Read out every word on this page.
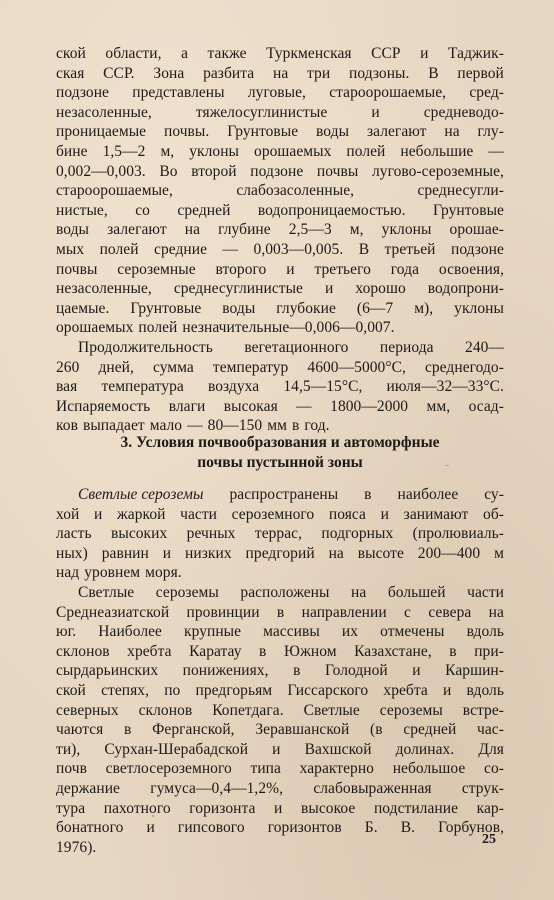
ской области, а также Туркменская ССР и Таджик-
ская ССР. Зона разбита на три подзоны. В первой
подзоне представлены луговые, староорошаемые, сред-
незасоленные,	тяжелосуглинистые	и	средневодо-
проницаемые почвы. Грунтовые воды залегают на глу-
бине 1,5—2 м, уклоны орошаемых полей небольшие —
0,002—0,003. Во второй подзоне почвы лугово-сероземные,
староорошаемые,	слабозасоленные,	среднесугли-
нистые, со средней водопроницаемостью. Грунтовые
воды залегают на глубине 2,5—3 м, уклоны орошае-
мых полей средние — 0,003—0,005. В третьей подзоне
почвы сероземные второго и третьего года освоения,
незасоленные, среднесуглинистые и хорошо водопрони-
цаемые. Грунтовые воды глубокие (6—7 м), уклоны
орошаемых полей незначительные—0,006—0,007.
Продолжительность вегетационного периода 240—
260 дней, сумма температур 4600—5000°С, среднегодо-
вая температура воздуха 14,5—15°С, июля—32—33°С.
Испаряемость влаги высокая — 1800—2000 мм, осад-
ков выпадает мало — 80—150 мм в год.
3. Условия почвообразования и автоморфные
почвы пустынной зоны
Светлые сероземы распространены в наиболее су-
хой и жаркой части сероземного пояса и занимают об-
ласть высоких речных террас, подгорных (пролювиаль-
ных) равнин и низких предгорий на высоте 200—400 м
над уровнем моря.
Светлые сероземы расположены на большей части
Среднеазиатской провинции в направлении с севера на
юг. Наиболее крупные массивы их отмечены вдоль
склонов хребта Каратау в Южном Казахстане, в при-
сырдарьинских понижениях, в Голодной и Каршин-
ской степях, по предгорьям Гиссарского хребта и вдоль
северных склонов Копетдага. Светлые сероземы встре-
чаются в Ферганской, Зеравшанской (в средней час-
ти), Сурхан-Шерабадской и Вахшской долинах. Для
почв светлосероземного типа характерно небольшое со-
держание гумуса—0,4—1,2%, слабовыраженная струк-
тура пахотного горизонта и высокое подстилание кар-
бонатного и гипсового горизонтов Б. В. Горбунов,
1976).	25
